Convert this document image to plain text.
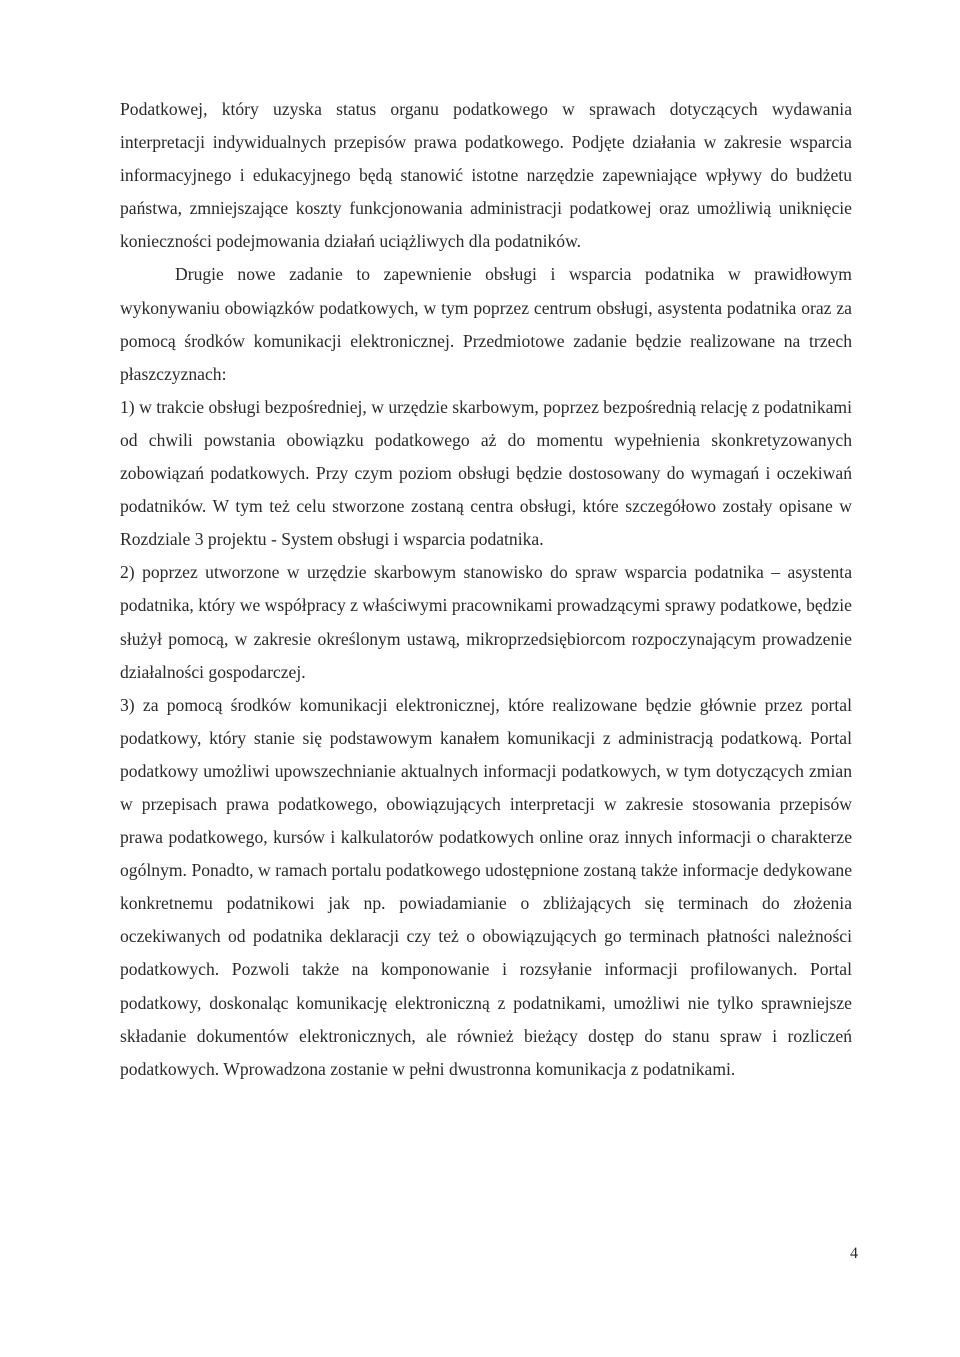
Podatkowej, który uzyska status organu podatkowego w sprawach dotyczących wydawania interpretacji indywidualnych przepisów prawa podatkowego. Podjęte działania w zakresie wsparcia informacyjnego i edukacyjnego będą stanowić istotne narzędzie zapewniające wpływy do budżetu państwa, zmniejszające koszty funkcjonowania administracji podatkowej oraz umożliwią uniknięcie konieczności podejmowania działań uciążliwych dla podatników.

Drugie nowe zadanie to zapewnienie obsługi i wsparcia podatnika w prawidłowym wykonywaniu obowiązków podatkowych, w tym poprzez centrum obsługi, asystenta podatnika oraz za pomocą środków komunikacji elektronicznej. Przedmiotowe zadanie będzie realizowane na trzech płaszczyznach:

1) w trakcie obsługi bezpośredniej, w urzędzie skarbowym, poprzez bezpośrednią relację z podatnikami od chwili powstania obowiązku podatkowego aż do momentu wypełnienia skonkretyzowanych zobowiązań podatkowych. Przy czym poziom obsługi będzie dostosowany do wymagań i oczekiwań podatników. W tym też celu stworzone zostaną centra obsługi, które szczegółowo zostały opisane w Rozdziale 3 projektu - System obsługi i wsparcia podatnika.

2) poprzez utworzone w urzędzie skarbowym stanowisko do spraw wsparcia podatnika – asystenta podatnika, który we współpracy z właściwymi pracownikami prowadzącymi sprawy podatkowe, będzie służył pomocą, w zakresie określonym ustawą, mikroprzedsiębiorcom rozpoczynającym prowadzenie działalności gospodarczej.

3) za pomocą środków komunikacji elektronicznej, które realizowane będzie głównie przez portal podatkowy, który stanie się podstawowym kanałem komunikacji z administracją podatkową. Portal podatkowy umożliwi upowszechnianie aktualnych informacji podatkowych, w tym dotyczących zmian w przepisach prawa podatkowego, obowiązujących interpretacji w zakresie stosowania przepisów prawa podatkowego, kursów i kalkulatorów podatkowych online oraz innych informacji o charakterze ogólnym. Ponadto, w ramach portalu podatkowego udostępnione zostaną także informacje dedykowane konkretnemu podatnikowi jak np. powiadamianie o zbliżających się terminach do złożenia oczekiwanych od podatnika deklaracji czy też o obowiązujących go terminach płatności należności podatkowych. Pozwoli także na komponowanie i rozsyłanie informacji profilowanych. Portal podatkowy, doskonaląc komunikację elektroniczną z podatnikami, umożliwi nie tylko sprawniejsze składanie dokumentów elektronicznych, ale również bieżący dostęp do stanu spraw i rozliczeń podatkowych. Wprowadzona zostanie w pełni dwustronna komunikacja z podatnikami.

4
